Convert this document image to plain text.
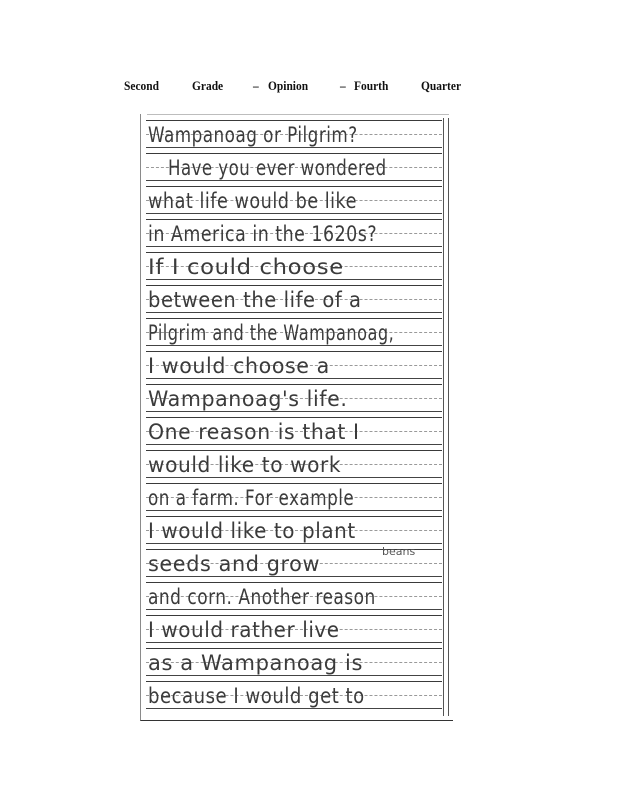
Second	Grade – Opinion – Fourth	Quarter
Wampanoag or Pilgrim?
Have you ever wondered
what life would be like
in America in the 1620s?
If I could choose
between the life of a
Pilgrim and the Wampanoag,
I would choose a
Wampanoag's life.
One reason is that I
would like to work
on a farm. For example
I would like to plant
seeds and grow
beans
and corn. Another reason
I would rather live
as a Wampanoag is
because I would get to
